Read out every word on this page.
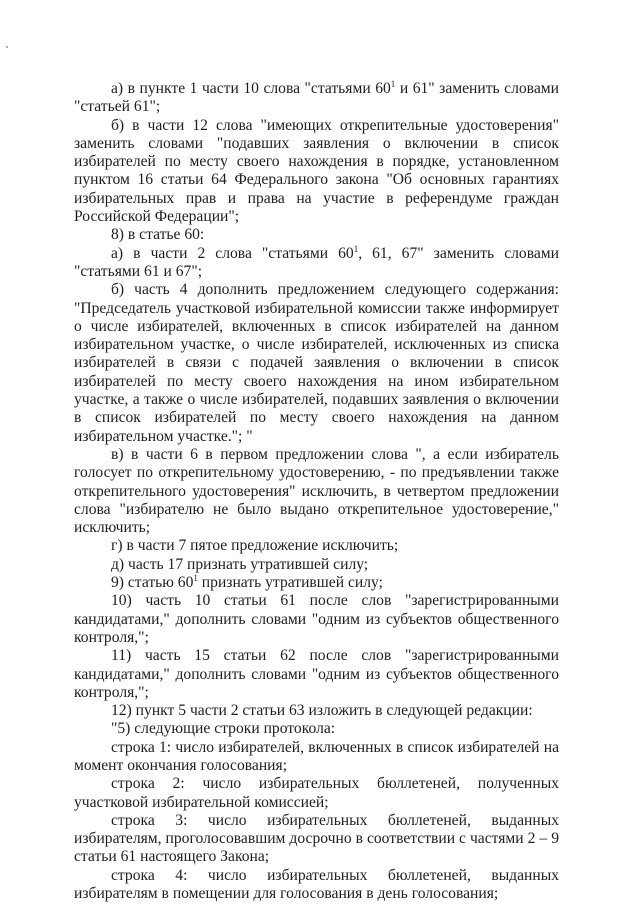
а) в пункте 1 части 10 слова "статьями $60^1$ и 61" заменить словами "статьей 61";

б) в части 12 слова "имеющих открепительные удостоверения" заменить словами "подавших заявления о включении в список избирателей по месту своего нахождения в порядке, установленном пунктом 16 статьи 64 Федерального закона "Об основных гарантиях избирательных прав и права на участие в референдуме граждан Российской Федерации";

8) в статье 60:

а) в части 2 слова "статьями $60^1$, 61, 67" заменить словами "статьями 61 и 67";

б) часть 4 дополнить предложением следующего содержания: "Председатель участковой избирательной комиссии также информирует о числе избирателей, включенных в список избирателей на данном избирательном участке, о числе избирателей, исключенных из списка избирателей в связи с подачей заявления о включении в список избирателей по месту своего нахождения на ином избирательном участке, а также о числе избирателей, подавших заявления о включении в список избирателей по месту своего нахождения на данном избирательном участке."; "

в) в части 6 в первом предложении слова ", а если избиратель голосует по открепительному удостоверению, - по предъявлении также открепительного удостоверения" исключить, в четвертом предложении слова "избирателю не было выдано открепительное удостоверение," исключить;

г) в части 7 пятое предложение исключить;

д) часть 17 признать утратившей силу;

9) статью $60^1$ признать утратившей силу;

10) часть 10 статьи 61 после слов "зарегистрированными кандидатами," дополнить словами "одним из субъектов общественного контроля,";

11) часть 15 статьи 62 после слов "зарегистрированными кандидатами," дополнить словами "одним из субъектов общественного контроля,";

12) пункт 5 части 2 статьи 63 изложить в следующей редакции:

"5) следующие строки протокола:

строка 1: число избирателей, включенных в список избирателей на момент окончания голосования;

строка 2: число избирательных бюллетеней, полученных участковой избирательной комиссией;

строка 3: число избирательных бюллетеней, выданных избирателям, проголосовавшим досрочно в соответствии с частями 2 – 9 статьи 61 настоящего Закона;

строка 4: число избирательных бюллетеней, выданных избирателям в помещении для голосования в день голосования;
